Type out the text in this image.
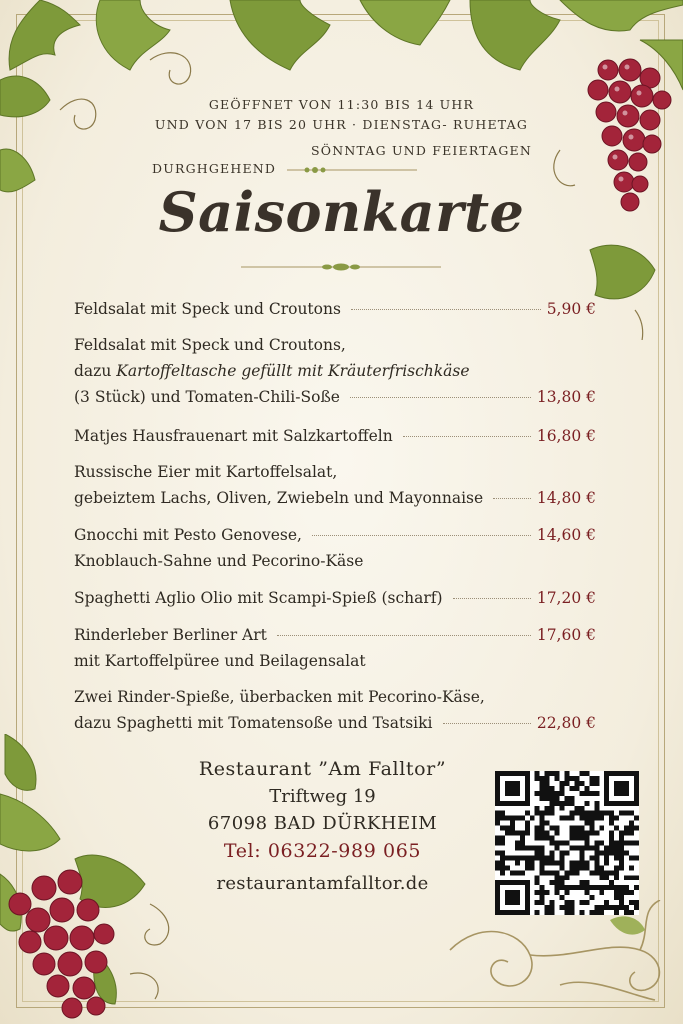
GEÖFFNET VON 11:30 BIS 14 UHR
UND VON 17 BIS 20 UHR · DIENSTAG- RUHETAG
SÖNNTAG UND FEIERTAGEN
DURGHGEHEND
Saisonkarte
Feldsalat mit Speck und Croutons	5,90 €
Feldsalat mit Speck und Croutons,
dazu Kartoffeltasche gefüllt mit Kräuterfrischkäse
(3 Stück) und Tomaten-Chili-Soße	13,80 €
Matjes Hausfrauenart mit Salzkartoffeln	16,80 €
Russische Eier mit Kartoffelsalat,
gebeiztem Lachs, Oliven, Zwiebeln und Mayonnaise	14,80 €
Gnocchi mit Pesto Genovese,	14,60 €
Knoblauch-Sahne und Pecorino-Käse
Spaghetti Aglio Olio mit Scampi-Spieß (scharf)	17,20 €
Rinderleber Berliner Art	17,60 €
mit Kartoffelpüree und Beilagensalat
Zwei Rinder-Spieße, überbacken mit Pecorino-Käse,
dazu Spaghetti mit Tomatensoße und Tsatsiki	22,80 €
Restaurant ”Am Falltor”
Triftweg 19
67098 BAD DÜRKHEIM
Tel: 06322-989 065
restaurantamfalltor.de
